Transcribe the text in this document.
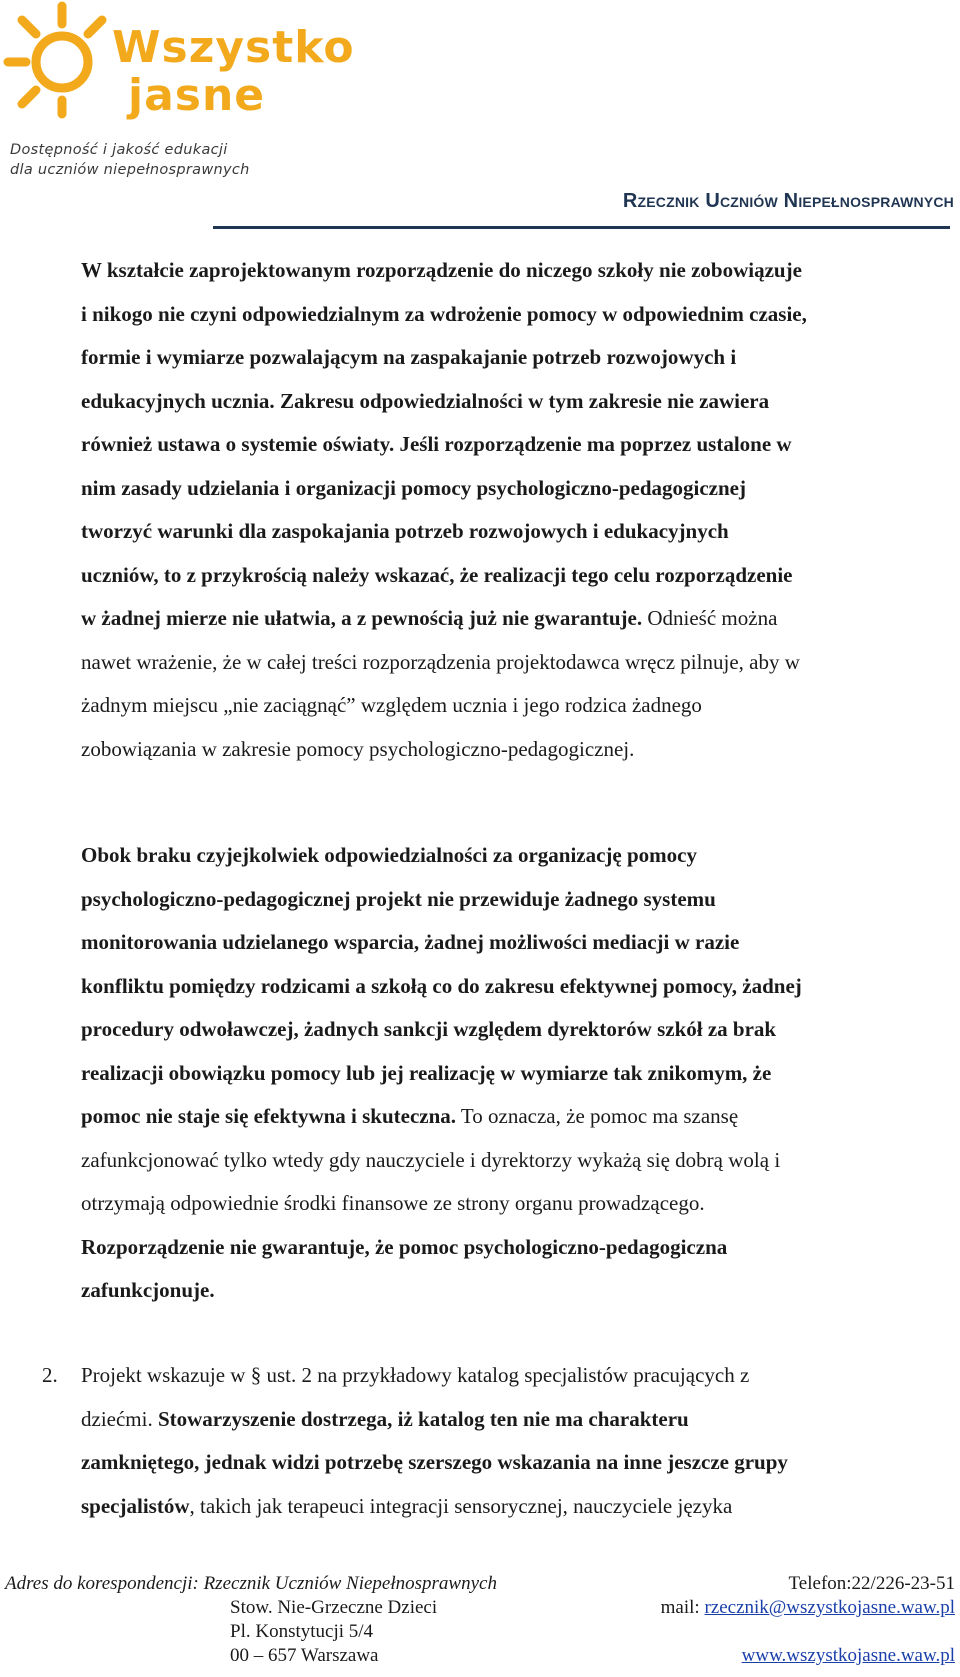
Wszystko
jasne
Dostępność i jakość edukacji
dla uczniów niepełnosprawnych
Rzecznik Uczniów Niepełnosprawnych

W kształcie zaprojektowanym rozporządzenie do niczego szkoły nie zobowiązuje

i nikogo nie czyni odpowiedzialnym za wdrożenie pomocy w odpowiednim czasie,

formie i wymiarze pozwalającym na zaspakajanie potrzeb rozwojowych i

edukacyjnych ucznia. Zakresu odpowiedzialności w tym zakresie nie zawiera

również ustawa o systemie oświaty. Jeśli rozporządzenie ma poprzez ustalone w

nim zasady udzielania i organizacji pomocy psychologiczno-pedagogicznej

tworzyć warunki dla zaspokajania potrzeb rozwojowych i edukacyjnych

uczniów, to z przykrością należy wskazać, że realizacji tego celu rozporządzenie

w żadnej mierze nie ułatwia, a z pewnością już nie gwarantuje. Odnieść można

nawet wrażenie, że w całej treści rozporządzenia projektodawca wręcz pilnuje, aby w

żadnym miejscu „nie zaciągnąć” względem ucznia i jego rodzica żadnego

zobowiązania w zakresie pomocy psychologiczno-pedagogicznej.

Obok braku czyjejkolwiek odpowiedzialności za organizację pomocy

psychologiczno-pedagogicznej projekt nie przewiduje żadnego systemu

monitorowania udzielanego wsparcia, żadnej możliwości mediacji w razie

konfliktu pomiędzy rodzicami a szkołą co do zakresu efektywnej pomocy, żadnej

procedury odwoławczej, żadnych sankcji względem dyrektorów szkół za brak

realizacji obowiązku pomocy lub jej realizację w wymiarze tak znikomym, że

pomoc nie staje się efektywna i skuteczna. To oznacza, że pomoc ma szansę

zafunkcjonować tylko wtedy gdy nauczyciele i dyrektorzy wykażą się dobrą wolą i

otrzymają odpowiednie środki finansowe ze strony organu prowadzącego.

Rozporządzenie nie gwarantuje, że pomoc psychologiczno-pedagogiczna

zafunkcjonuje.

2. Projekt wskazuje w § ust. 2 na przykładowy katalog specjalistów pracujących z

dziećmi. Stowarzyszenie dostrzega, iż katalog ten nie ma charakteru

zamkniętego, jednak widzi potrzebę szerszego wskazania na inne jeszcze grupy

specjalistów, takich jak terapeuci integracji sensorycznej, nauczyciele języka

Adres do korespondencji: Rzecznik Uczniów Niepełnosprawnych
Stow. Nie-Grzeczne Dzieci
Pl. Konstytucji 5/4
00 – 657 Warszawa
Telefon:22/226-23-51
mail: rzecznik@wszystkojasne.waw.pl
www.wszystkojasne.waw.pl
